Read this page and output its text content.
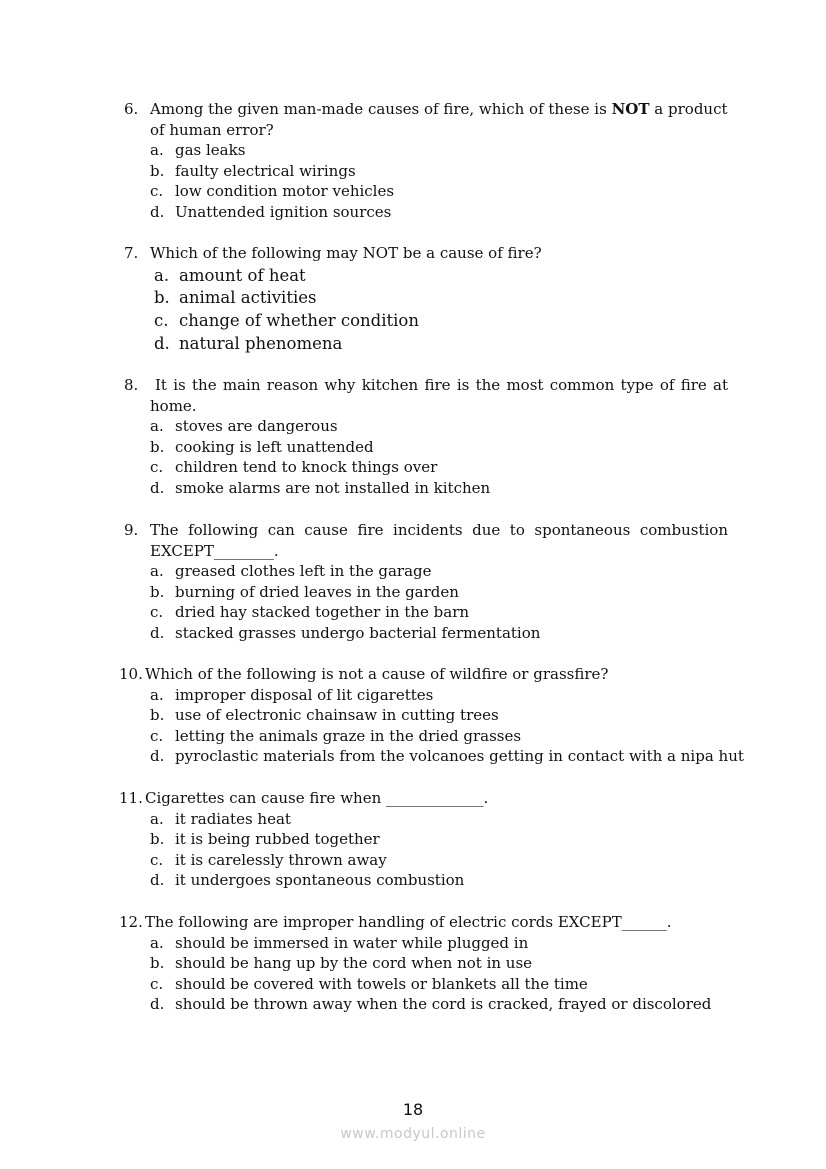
6. Among the given man-made causes of fire, which of these is NOT a product of human error?
a. gas leaks
b. faulty electrical wirings
c. low condition motor vehicles
d. Unattended ignition sources
7. Which of the following may NOT be a cause of fire?
a. amount of heat
b. animal activities
c. change of whether condition
d. natural phenomena
8.	It is the main reason why kitchen fire is the most common type of fire at home.
a. stoves are dangerous
b. cooking is left unattended
c. children tend to knock things over
d. smoke alarms are not installed in kitchen
9. The following can cause fire incidents due to spontaneous combustion EXCEPT________.
a. greased clothes left in the garage
b. burning of dried leaves in the garden
c. dried hay stacked together in the barn
d. stacked grasses undergo bacterial fermentation
10. Which of the following is not a cause of wildfire or grassfire?
a. improper disposal of lit cigarettes
b. use of electronic chainsaw in cutting trees
c. letting the animals graze in the dried grasses
d. pyroclastic materials from the volcanoes getting in contact with a nipa hut
11. Cigarettes can cause fire when _____________.
a. it radiates heat
b. it is being rubbed together
c. it is carelessly thrown away
d. it undergoes spontaneous combustion
12. The following are improper handling of electric cords EXCEPT______.
a. should be immersed in water while plugged in
b. should be hang up by the cord when not in use
c. should be covered with towels or blankets all the time
d. should be thrown away when the cord is cracked, frayed or discolored
18
www.modyul.online
